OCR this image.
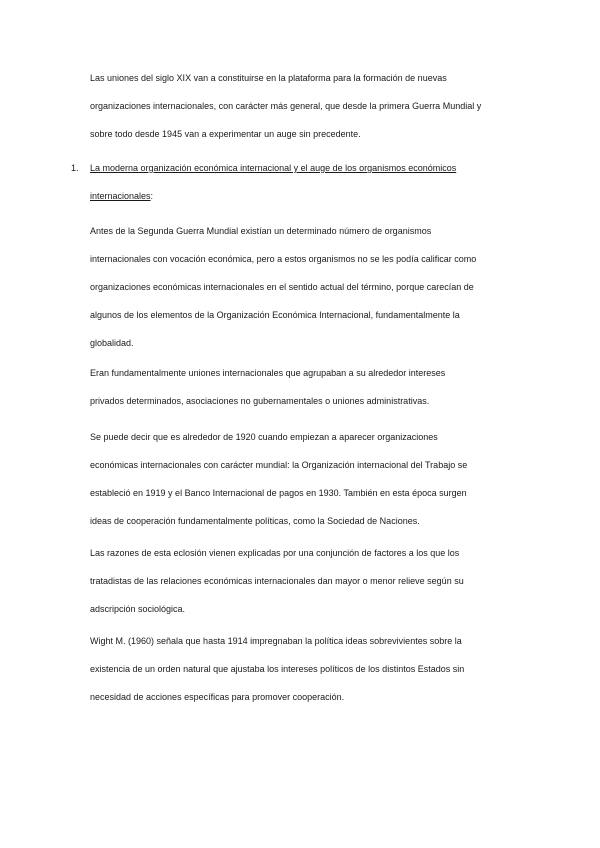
Las uniones del siglo XIX van a constituirse en la plataforma para la formación de nuevas
organizaciones internacionales, con carácter más general, que desde la primera Guerra Mundial y
sobre todo desde 1945 van a experimentar un auge sin precedente.

1. La moderna organización económica internacional y el auge de los organismos económicos
internacionales:

Antes de la Segunda Guerra Mundial existían un determinado número de organismos
internacionales con vocación económica, pero a estos organismos no se les podía calificar como
organizaciones económicas internacionales en el sentido actual del término, porque carecían de
algunos de los elementos de la Organización Económica Internacional, fundamentalmente la
globalidad.

Eran fundamentalmente uniones internacionales que agrupaban a su alrededor intereses
privados determinados, asociaciones no gubernamentales o uniones administrativas.

Se puede decir que es alrededor de 1920 cuando empiezan a aparecer organizaciones
económicas internacionales con carácter mundial: la Organización internacional del Trabajo se
estableció en 1919 y el Banco Internacional de pagos en 1930. También en esta época surgen
ideas de cooperación fundamentalmente políticas, como la Sociedad de Naciones.

Las razones de esta eclosión vienen explicadas por una conjunción de factores a los que los
tratadistas de las relaciones económicas internacionales dan mayor o menor relieve según su
adscripción sociológica.

Wight M. (1960) señala que hasta 1914 impregnaban la política ideas sobrevivientes sobre la
existencia de un orden natural que ajustaba los intereses políticos de los distintos Estados sin
necesidad de acciones específicas para promover cooperación.
